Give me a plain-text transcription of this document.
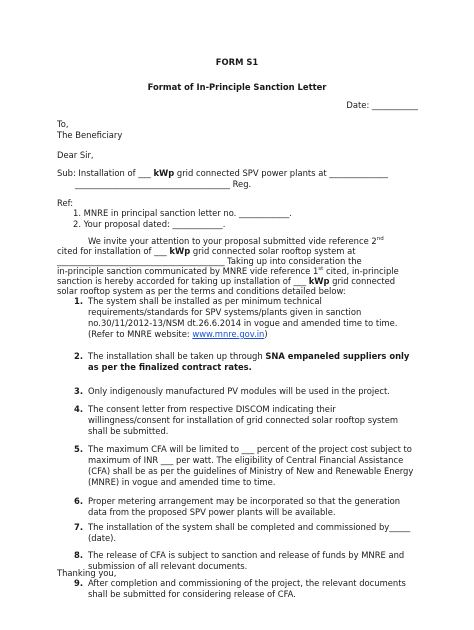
FORM S1
Format of In-Principle Sanction Letter
Date: ___________
To,
The Beneficiary
Dear Sir,
Sub: Installation of ___ kWp grid connected SPV power plants at ______________
_____________________________________ Reg.
Ref:
1. MNRE in principal sanction letter no. ____________.
2. Your proposal dated: ____________.
We invite your attention to your proposal submitted vide reference 2nd
cited for installation of ___ kWp grid connected solar rooftop system at
________________________________________ Taking up into consideration the
in-principle sanction communicated by MNRE vide reference 1st cited, in-principle
sanction is hereby accorded for taking up installation of ___ kWp grid connected
solar rooftop system as per the terms and conditions detailed below:
1. The system shall be installed as per minimum technical requirements/standards for SPV systems/plants given in sanction no.30/11/2012-13/NSM dt.26.6.2014 in vogue and amended time to time. (Refer to MNRE website: www.mnre.gov.in)
2. The installation shall be taken up through SNA empaneled suppliers only as per the finalized contract rates.
3. Only indigenously manufactured PV modules will be used in the project.
4. The consent letter from respective DISCOM indicating their willingness/consent for installation of grid connected solar rooftop system shall be submitted.
5. The maximum CFA will be limited to ___ percent of the project cost subject to maximum of INR ___ per watt. The eligibility of Central Financial Assistance (CFA) shall be as per the guidelines of Ministry of New and Renewable Energy (MNRE) in vogue and amended time to time.
6. Proper metering arrangement may be incorporated so that the generation data from the proposed SPV power plants will be available.
7. The installation of the system shall be completed and commissioned by_____ (date).
8. The release of CFA is subject to sanction and release of funds by MNRE and submission of all relevant documents.
9. After completion and commissioning of the project, the relevant documents shall be submitted for considering release of CFA.
Thanking you,
